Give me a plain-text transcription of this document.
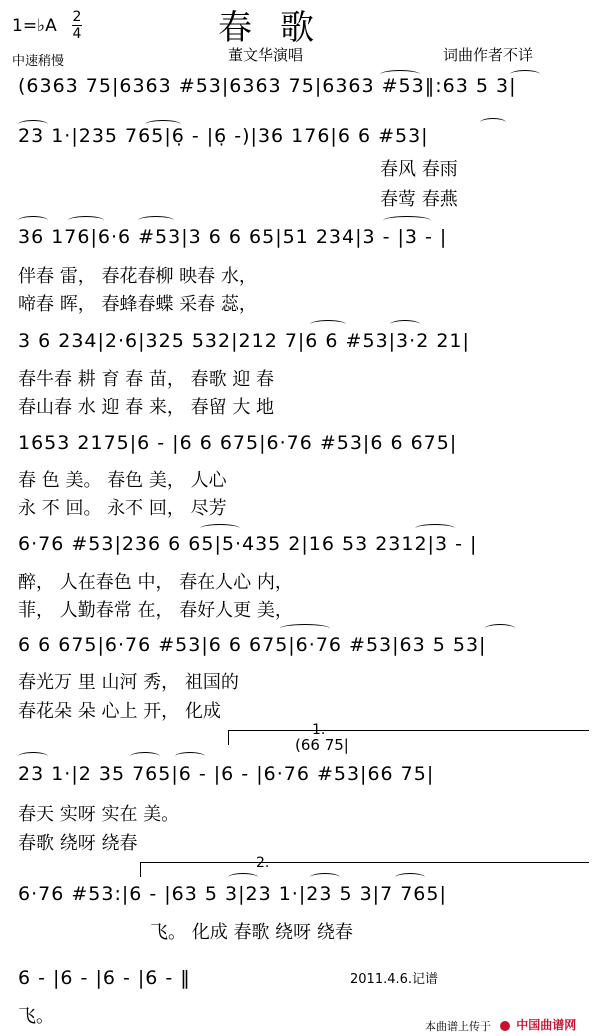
1=♭A 2
4	春歌
中速稍慢	董文华演唱	词曲作者不详
(6363 75|6363 #53|6363 75|6363 #53‖:63 5 3|
23 1·|235 765|6̣ - |6̣ -)|36 176|6 6 #53|
春风 春雨
春莺 春燕
36 176|6·6 #53|3 6 6 65|51 234|3 - |3 - |
伴春 雷， 春花春柳 映春 水，
啼春 晖， 春蜂春蝶 采春 蕊，
3 6 234|2·6|325 532|212 7|6 6 #53|3·2 21|
春牛春 耕 育 春 苗， 春歌 迎 春
春山春 水 迎 春 来， 春留 大 地
1653 2175|6 - |6 6 675|6·76 #53|6 6 675|
春 色 美。 春色 美， 人心
永 不 回。 永不 回， 尽芳
6·76 #53|236 6 65|5·435 2|16 53 2312|3 - |
醉， 人在春色 中， 春在人心 内，
菲， 人勤春常 在， 春好人更 美，
6 6 675|6·76 #53|6 6 675|6·76 #53|63 5 53|
春光万 里 山河 秀， 祖国的
春花朵 朵 心上 开， 化成
1.
(66 75|
23 1·|2 35 765|6 - |6 - |6·76 #53|66 75|
春天 实呀 实在 美。
春歌 绕呀 绕春
2.
6·76 #53:|6 - |63 5 3|23 1·|23 5 3|7 765|
飞。 化成 春歌 绕呀 绕春
6 - |6 - |6 - |6 - ‖	2011.4.6.记谱
飞。	本曲谱上传于	中国曲谱网
